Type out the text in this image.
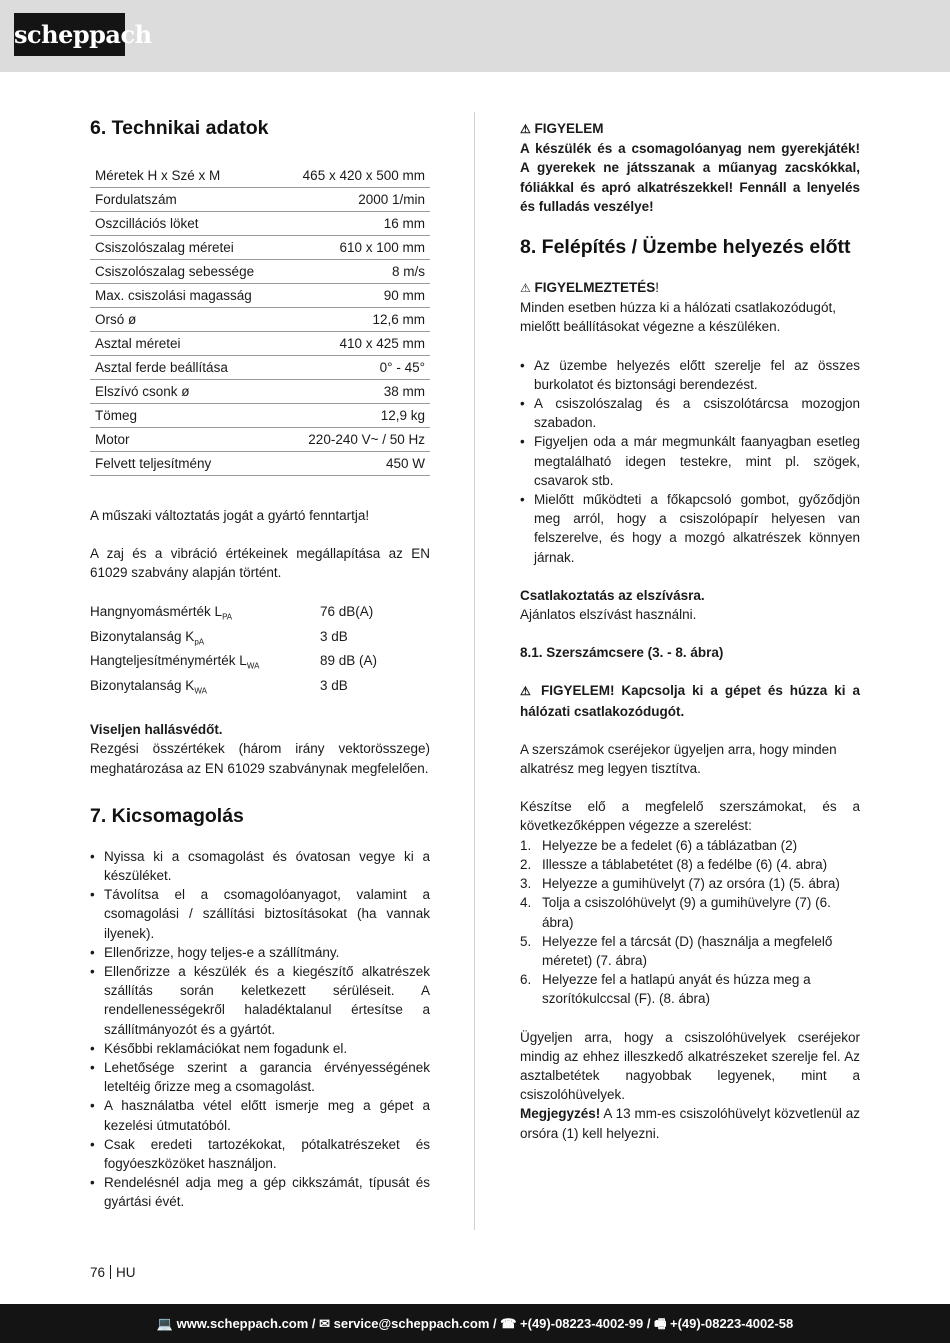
scheppach
6. Technikai adatok
Méretek H x Szé x M	465 x 420 x 500 mm
Fordulatszám	2000 1/min
Oszcillációs löket	16 mm
Csiszolószalag méretei	610 x 100 mm
Csiszolószalag sebessége	8 m/s
Max. csiszolási magasság	90 mm
Orsó ø	12,6 mm
Asztal méretei	410 x 425 mm
Asztal ferde beállítása	0° - 45°
Elszívó csonk ø	38 mm
Tömeg	12,9 kg
Motor	220-240 V~ / 50 Hz
Felvett teljesítmény	450 W

A műszaki változtatás jogát a gyártó fenntartja!

A zaj és a vibráció értékeinek megállapítása az EN 61029 szabvány alapján történt.

Hangnyomásmérték $L_{PA}$	76 dB(A)
Bizonytalanság $K_{pA}$	3 dB
Hangteljesítménymérték $L_{WA}$	89 dB (A)
Bizonytalanság $K_{WA}$	3 dB

Viseljen hallásvédőt.

Rezgési összértékek (három irány vektorösszege) meghatározása az EN 61029 szabványnak megfelelően.

7. Kicsomagolás
• Nyissa ki a csomagolást és óvatosan vegye ki a készüléket.
• Távolítsa el a csomagolóanyagot, valamint a csomagolási / szállítási biztosításokat (ha vannak ilyenek).
• Ellenőrizze, hogy teljes-e a szállítmány.
• Ellenőrizze a készülék és a kiegészítő alkatrészek szállítás során keletkezett sérüléseit. A rendellenességekről haladéktalanul értesítse a szállítmányozót és a gyártót.
• Későbbi reklamációkat nem fogadunk el.
• Lehetősége szerint a garancia érvényességének leteltéig őrizze meg a csomagolást.
• A használatba vétel előtt ismerje meg a gépet a kezelési útmutatóból.
• Csak eredeti tartozékokat, pótalkatrészeket és fogyóeszközöket használjon.
• Rendelésnél adja meg a gép cikkszámát, típusát és gyártási évét.

⚠ FIGYELEM

A készülék és a csomagolóanyag nem gyerekjáték! A gyerekek ne játsszanak a műanyag zacskókkal, fóliákkal és apró alkatrészekkel! Fennáll a lenyelés és fulladás veszélye!

8. Felépítés / Üzembe helyezés előtt

⚠ FIGYELMEZTETÉS!

Minden esetben húzza ki a hálózati csatlakozódugót, mielőtt beállításokat végezne a készüléken.

• Az üzembe helyezés előtt szerelje fel az összes burkolatot és biztonsági berendezést.
• A csiszolószalag és a csiszolótárcsa mozogjon szabadon.
• Figyeljen oda a már megmunkált faanyagban esetleg megtalálható idegen testekre, mint pl. szögek, csavarok stb.
• Mielőtt működteti a főkapcsoló gombot, győződjön meg arról, hogy a csiszolópapír helyesen van felszerelve, és hogy a mozgó alkatrészek könnyen járnak.

Csatlakoztatás az elszívásra.

Ajánlatos elszívást használni.

8.1. Szerszámcsere (3. - 8. ábra)

⚠ FIGYELEM! Kapcsolja ki a gépet és húzza ki a hálózati csatlakozódugót.

A szerszámok cseréjekor ügyeljen arra, hogy minden alkatrész meg legyen tisztítva.

Készítse elő a megfelelő szerszámokat, és a következőképpen végezze a szerelést:

1. Helyezze be a fedelet (6) a táblázatban (2)
2. Illessze a táblabetétet (8) a fedélbe (6) (4. abra)
3. Helyezze a gumihüvelyt (7) az orsóra (1) (5. ábra)
4. Tolja a csiszolóhüvelyt (9) a gumihüvelyre (7) (6. ábra)
5. Helyezze fel a tárcsát (D) (használja a megfelelő méretet) (7. ábra)
6. Helyezze fel a hatlapú anyát és húzza meg a szorítókulccsal (F). (8. ábra)

Ügyeljen arra, hogy a csiszolóhüvelyek cseréjekor mindig az ehhez illeszkedő alkatrészeket szerelje fel. Az asztalbetétek nagyobbak legyenek, mint a csiszolóhüvelyek.

Megjegyzés! A 13 mm-es csiszolóhüvelyt közvetlenül az orsóra (1) kell helyezni.

76 HU
💻 www.scheppach.com / ✉ service@scheppach.com / ☎ +(49)-08223-4002-99 / 🖷 +(49)-08223-4002-58
